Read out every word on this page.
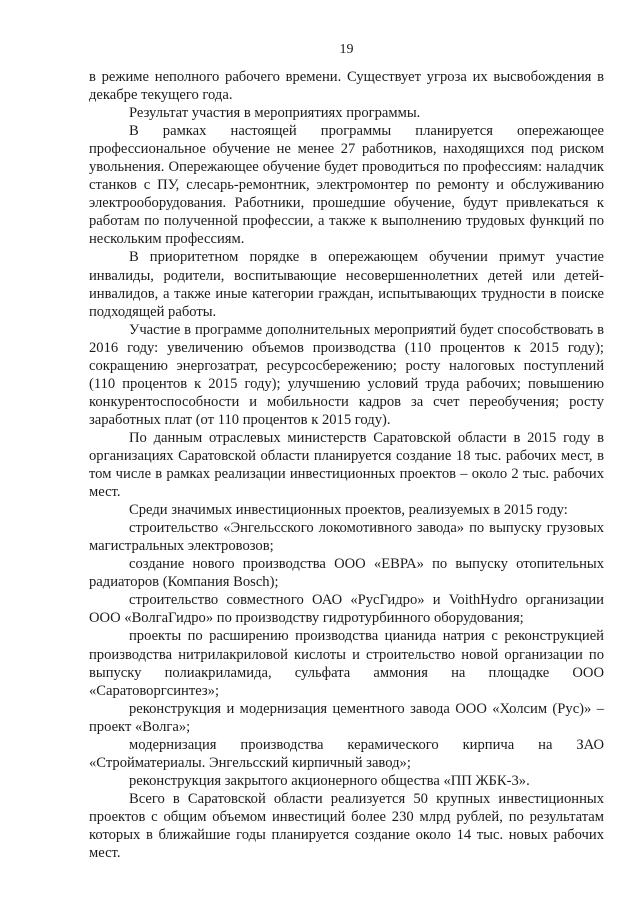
19

в режиме неполного рабочего времени. Существует угроза их высвобождения в декабре текущего года.

Результат участия в мероприятиях программы.

В рамках настоящей программы планируется опережающее профессиональное обучение не менее 27 работников, находящихся под риском увольнения. Опережающее обучение будет проводиться по профессиям: наладчик станков с ПУ, слесарь-ремонтник, электромонтер по ремонту и обслуживанию электрооборудования. Работники, прошедшие обучение, будут привлекаться к работам по полученной профессии, а также к выполнению трудовых функций по нескольким профессиям.

В приоритетном порядке в опережающем обучении примут участие инвалиды, родители, воспитывающие несовершеннолетних детей или детей-инвалидов, а также иные категории граждан, испытывающих трудности в поиске подходящей работы.

Участие в программе дополнительных мероприятий будет способствовать в 2016 году: увеличению объемов производства (110 процентов к 2015 году); сокращению энергозатрат, ресурсосбережению; росту налоговых поступлений (110 процентов к 2015 году); улучшению условий труда рабочих; повышению конкурентоспособности и мобильности кадров за счет переобучения; росту заработных плат (от 110 процентов к 2015 году).

По данным отраслевых министерств Саратовской области в 2015 году в организациях Саратовской области планируется создание 18 тыс. рабочих мест, в том числе в рамках реализации инвестиционных проектов – около 2 тыс. рабочих мест.

Среди значимых инвестиционных проектов, реализуемых в 2015 году:

строительство «Энгельсского локомотивного завода» по выпуску грузовых магистральных электровозов;

создание нового производства ООО «ЕВРА» по выпуску отопительных радиаторов (Компания Bosch);

строительство совместного ОАО «РусГидро» и VoithHydro организации ООО «ВолгаГидро» по производству гидротурбинного оборудования;

проекты по расширению производства цианида натрия с реконструкцией производства нитрилакриловой кислоты и строительство новой организации по выпуску полиакриламида, сульфата аммония на площадке ООО «Саратоворгсинтез»;

реконструкция и модернизация цементного завода ООО «Холсим (Рус)» – проект «Волга»;

модернизация производства керамического кирпича на ЗАО «Стройматериалы. Энгельсский кирпичный завод»;

реконструкция закрытого акционерного общества «ПП ЖБК-3».

Всего в Саратовской области реализуется 50 крупных инвестиционных проектов с общим объемом инвестиций более 230 млрд рублей, по результатам которых в ближайшие годы планируется создание около 14 тыс. новых рабочих мест.
